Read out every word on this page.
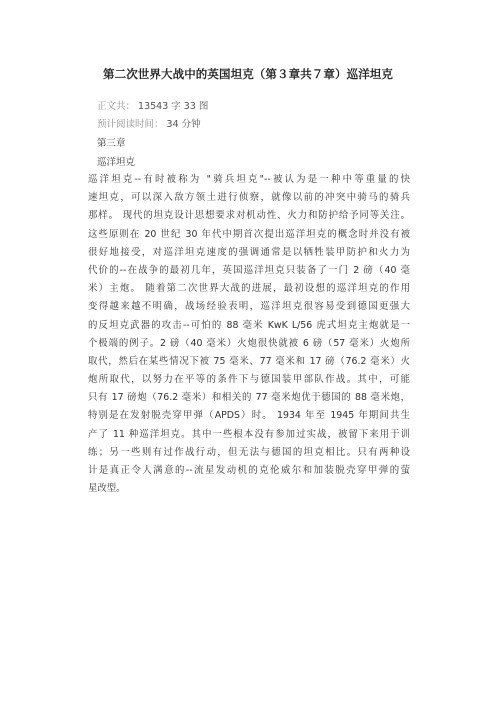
第二次世界大战中的英国坦克（第３章共７章）巡洋坦克
正文共： 13543 字 33 图
预计阅读时间： 34 分钟
第三章
巡洋坦克
巡洋坦克--有时被称为 "骑兵坦克"--被认为是一种中等重量的快
速坦克，可以深入敌方领土进行侦察，就像以前的冲突中骑马的骑兵
那样。 现代的坦克设计思想要求对机动性、火力和防护给予同等关注。
这些原则在 20 世纪 30 年代中期首次提出巡洋坦克的概念时并没有被
很好地接受，对巡洋坦克速度的强调通常是以牺牲装甲防护和火力为
代价的--在战争的最初几年，英国巡洋坦克只装备了一门 2 磅（40 毫
米）主炮。 随着第二次世界大战的进展，最初设想的巡洋坦克的作用
变得越来越不明确，战场经验表明，巡洋坦克很容易受到德国更强大
的反坦克武器的攻击--可怕的 88 毫米 KwK L/56 虎式坦克主炮就是一
个极端的例子。2 磅（40 毫米）火炮很快就被 6 磅（57 毫米）火炮所
取代，然后在某些情况下被 75 毫米、77 毫米和 17 磅（76.2 毫米）火
炮所取代，以努力在平等的条件下与德国装甲部队作战。其中，可能
只有 17 磅炮（76.2 毫米）和相关的 77 毫米炮优于德国的 88 毫米炮，
特别是在发射脱壳穿甲弹（APDS）时。 1934 年至 1945 年期间共生
产了 11 种巡洋坦克。其中一些根本没有参加过实战，被留下来用于训
练；另一些则有过作战行动，但无法与德国的坦克相比。只有两种设
计是真正令人满意的--流星发动机的克伦威尔和加装脱壳穿甲弹的萤
星改型。
